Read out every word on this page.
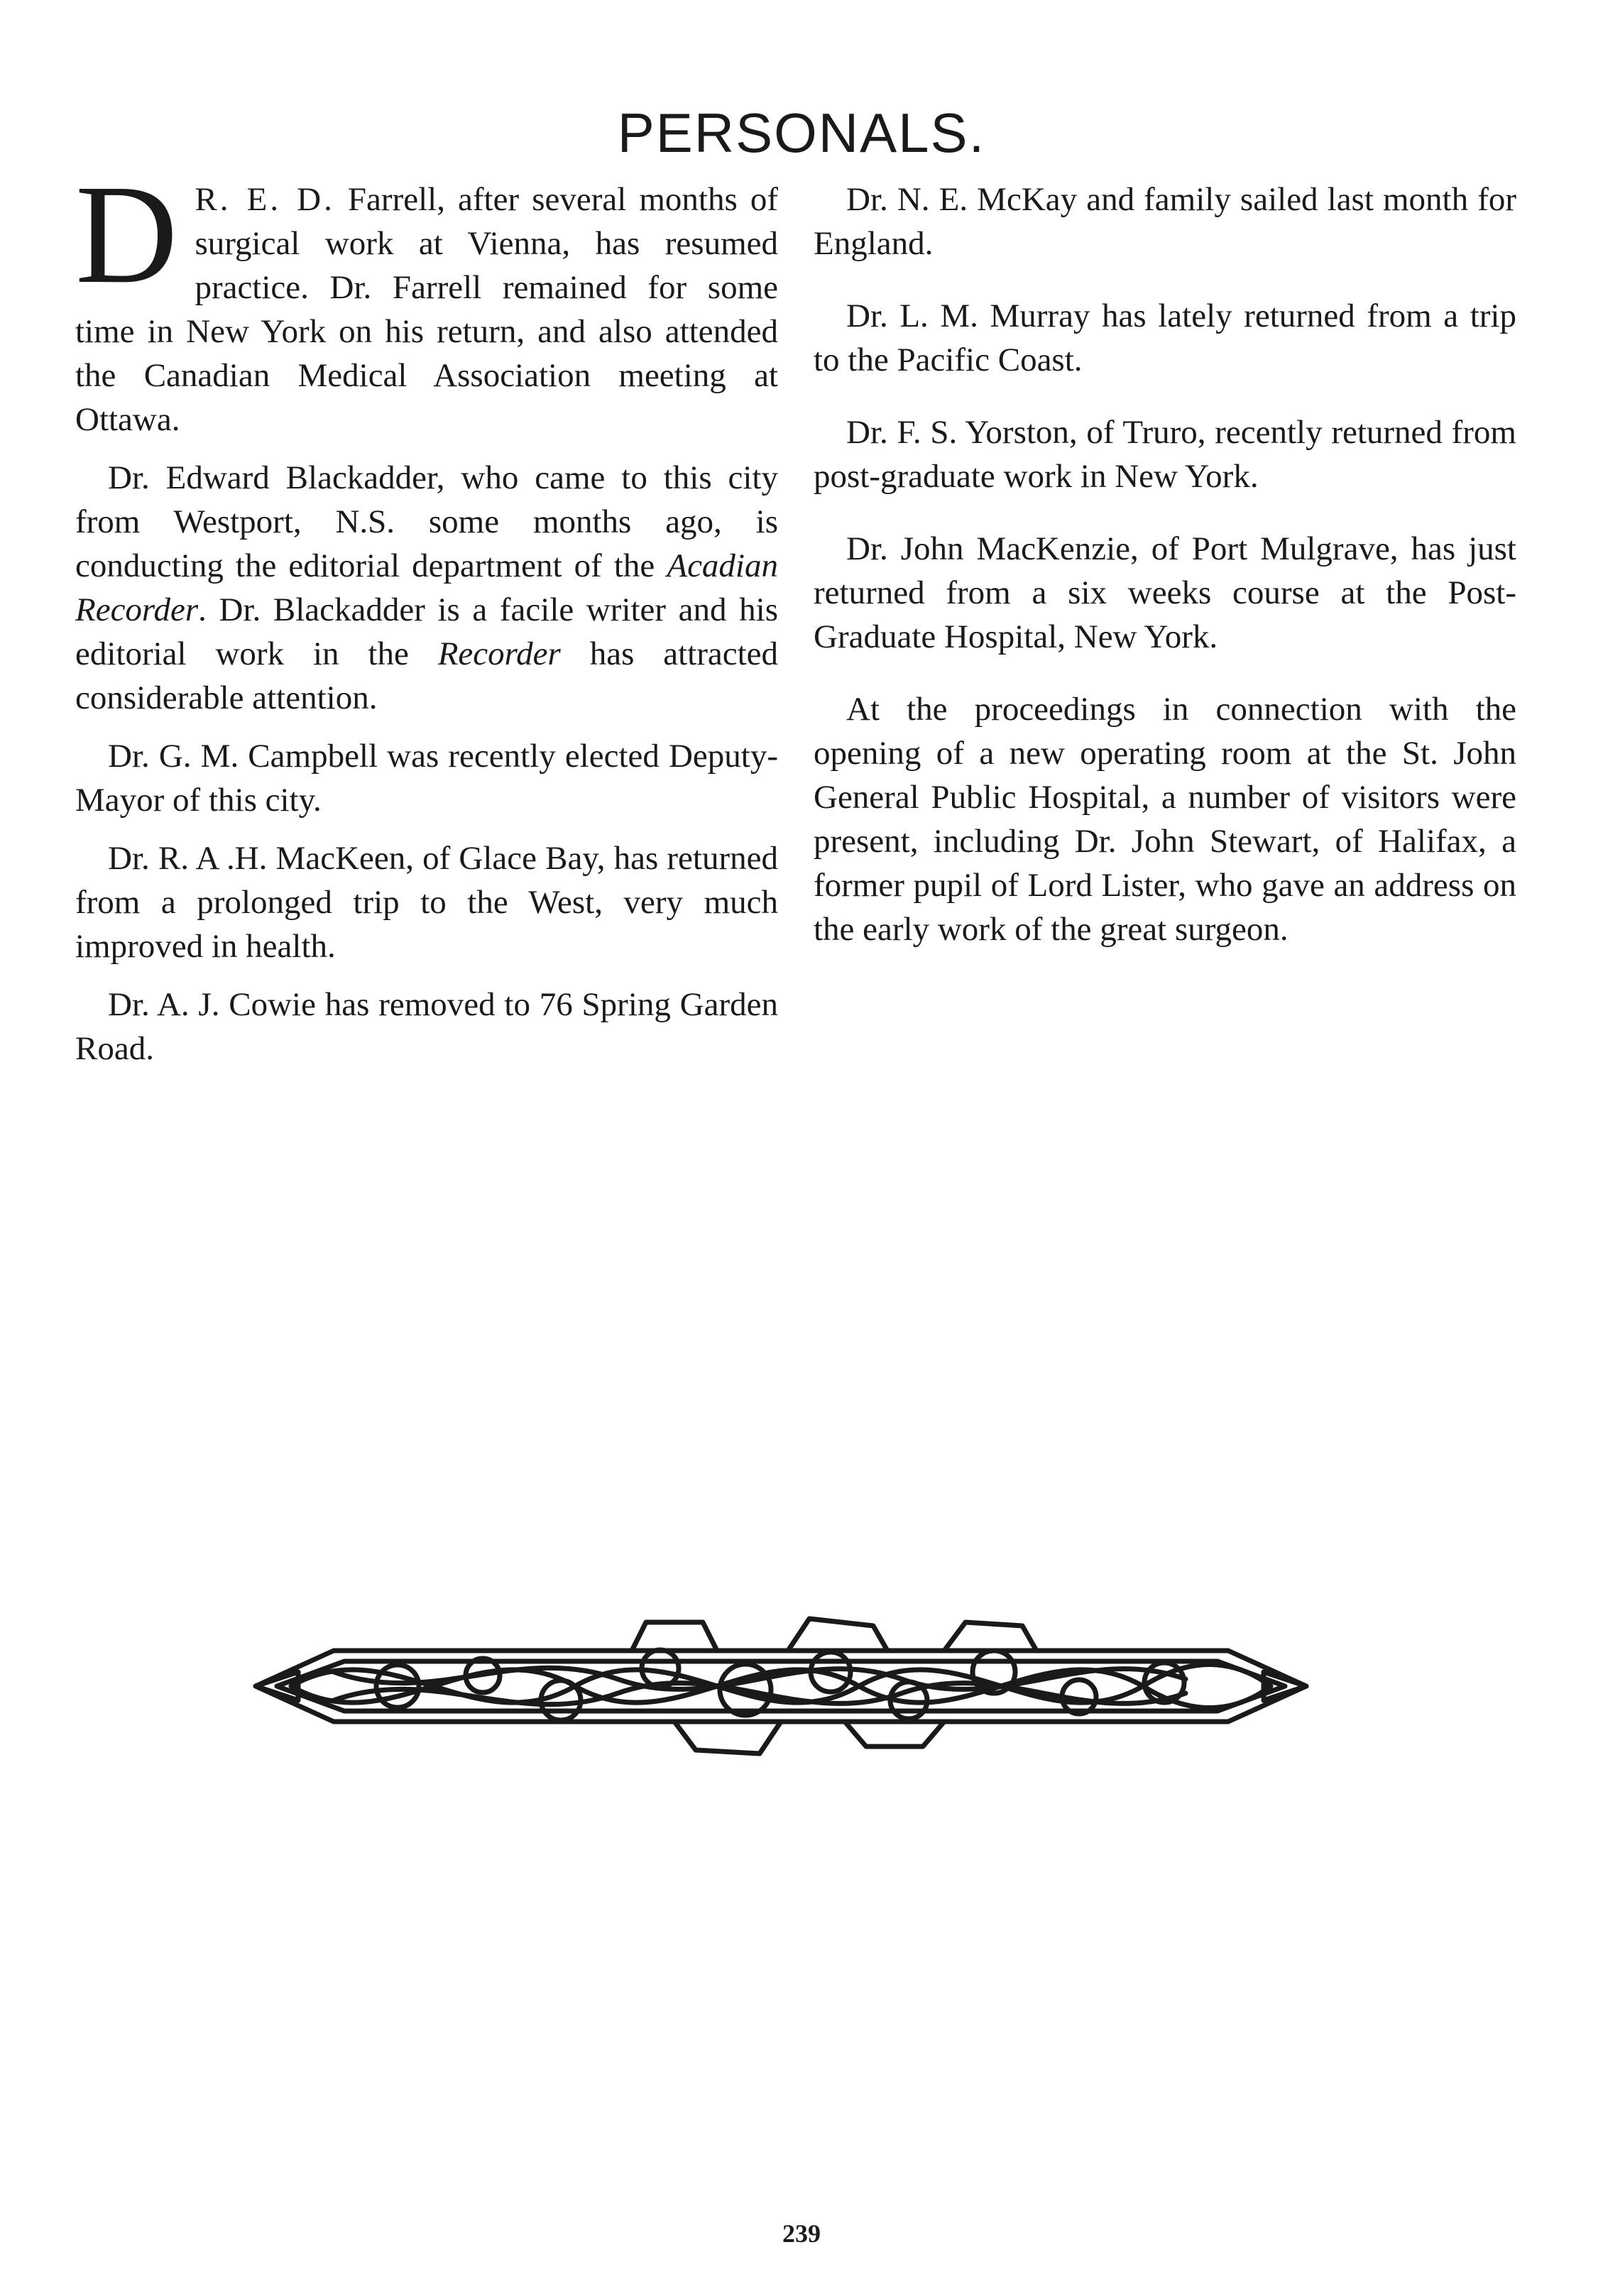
PERSONALS.

D R. E. D. Farrell, after several months of surgical work at Vienna, has resumed practice. Dr. Farrell remained for some time in New York on his return, and also attended the Canadian Medical Association meeting at Ottawa.

Dr. Edward Blackadder, who came to this city from Westport, N.S. some months ago, is conducting the editorial department of the Acadian Recorder. Dr. Blackadder is a facile writer and his editorial work in the Recorder has attracted considerable attention.

Dr. G. M. Campbell was recently elected Deputy-Mayor of this city.

Dr. R. A .H. MacKeen, of Glace Bay, has returned from a prolonged trip to the West, very much improved in health.

Dr. A. J. Cowie has removed to 76 Spring Garden Road.

Dr. N. E. McKay and family sailed last month for England.

Dr. L. M. Murray has lately returned from a trip to the Pacific Coast.

Dr. F. S. Yorston, of Truro, recently returned from post-graduate work in New York.

Dr. John MacKenzie, of Port Mulgrave, has just returned from a six weeks course at the Post-Graduate Hospital, New York.

At the proceedings in connection with the opening of a new operating room at the St. John General Public Hospital, a number of visitors were present, including Dr. John Stewart, of Halifax, a former pupil of Lord Lister, who gave an address on the early work of the great surgeon.

239
